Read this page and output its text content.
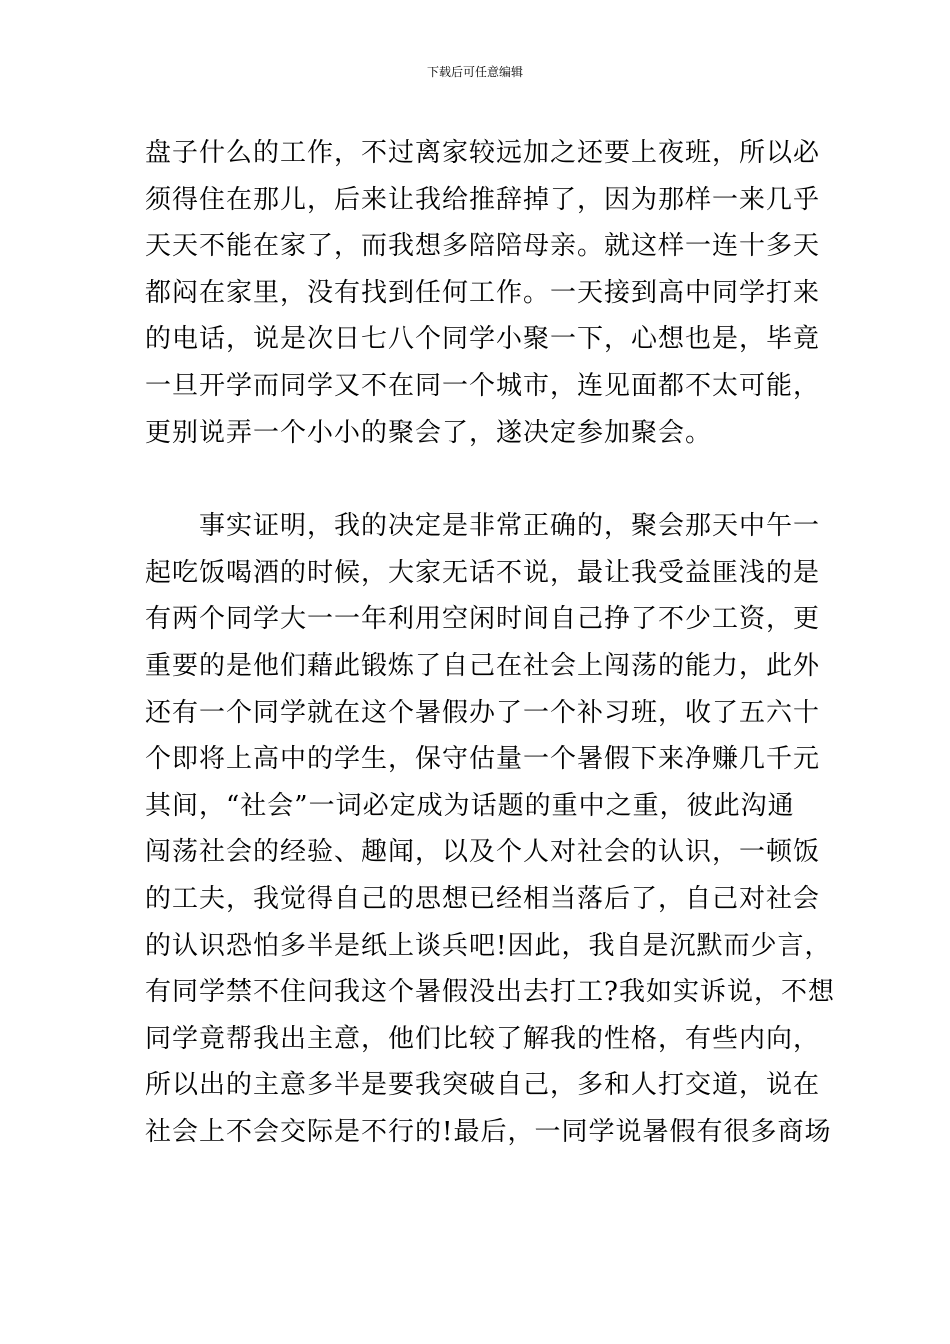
下载后可任意编辑
盘子什么的工作，不过离家较远加之还要上夜班，所以必
须得住在那儿，后来让我给推辞掉了，因为那样一来几乎
天天不能在家了，而我想多陪陪母亲。就这样一连十多天
都闷在家里，没有找到任何工作。一天接到高中同学打来
的电话，说是次日七八个同学小聚一下，心想也是，毕竟
一旦开学而同学又不在同一个城市，连见面都不太可能，
更别说弄一个小小的聚会了，遂决定参加聚会。
事实证明，我的决定是非常正确的，聚会那天中午一
起吃饭喝酒的时候，大家无话不说，最让我受益匪浅的是
有两个同学大一一年利用空闲时间自己挣了不少工资，更
重要的是他们藉此锻炼了自己在社会上闯荡的能力，此外
还有一个同学就在这个暑假办了一个补习班，收了五六十
个即将上高中的学生，保守估量一个暑假下来净赚几千元
其间，“社会”一词必定成为话题的重中之重，彼此沟通
闯荡社会的经验、趣闻，以及个人对社会的认识，一顿饭
的工夫，我觉得自己的思想已经相当落后了，自己对社会
的认识恐怕多半是纸上谈兵吧!因此，我自是沉默而少言，
有同学禁不住问我这个暑假没出去打工?我如实诉说，不想
同学竟帮我出主意，他们比较了解我的性格，有些内向，
所以出的主意多半是要我突破自己，多和人打交道，说在
社会上不会交际是不行的!最后，一同学说暑假有很多商场
